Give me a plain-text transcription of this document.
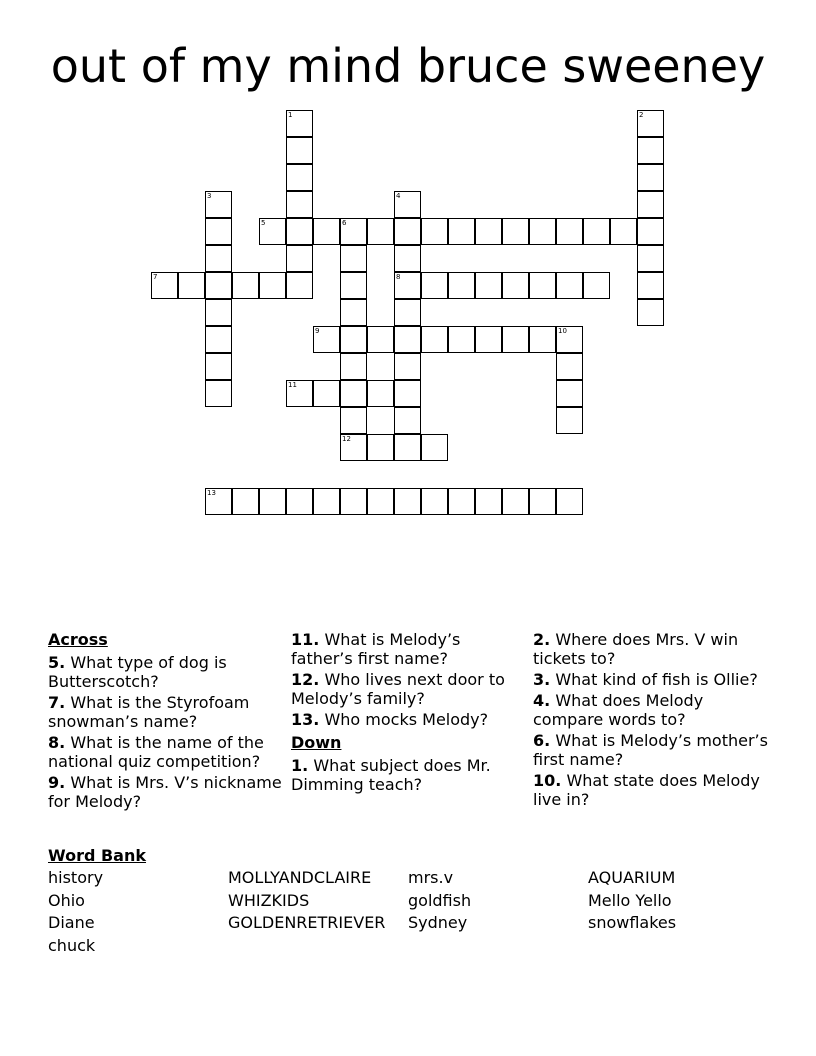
out of my mind bruce sweeney
5	6
7	8
9	10
11
12
13
1	2
3	4
Across
5. What type of dog is Butterscotch?
7. What is the Styrofoam snowman’s name?
8. What is the name of the national quiz competition?
9. What is Mrs. V’s nickname for Melody?
11. What is Melody’s father’s first name?
12. Who lives next door to Melody’s family?
13. Who mocks Melody?
Down
1. What subject does Mr. Dimming teach?
2. Where does Mrs. V win tickets to?
3. What kind of fish is Ollie?
4. What does Melody compare words to?
6. What is Melody’s mother’s first name?
10. What state does Melody live in?
Word Bank
history	MOLLYANDCLAIRE mrs.v	AQUARIUM
Ohio	WHIZKIDS	goldfish	Mello Yello
Diane	GOLDENRETRIEVER Sydney	snowflakes
chuck
